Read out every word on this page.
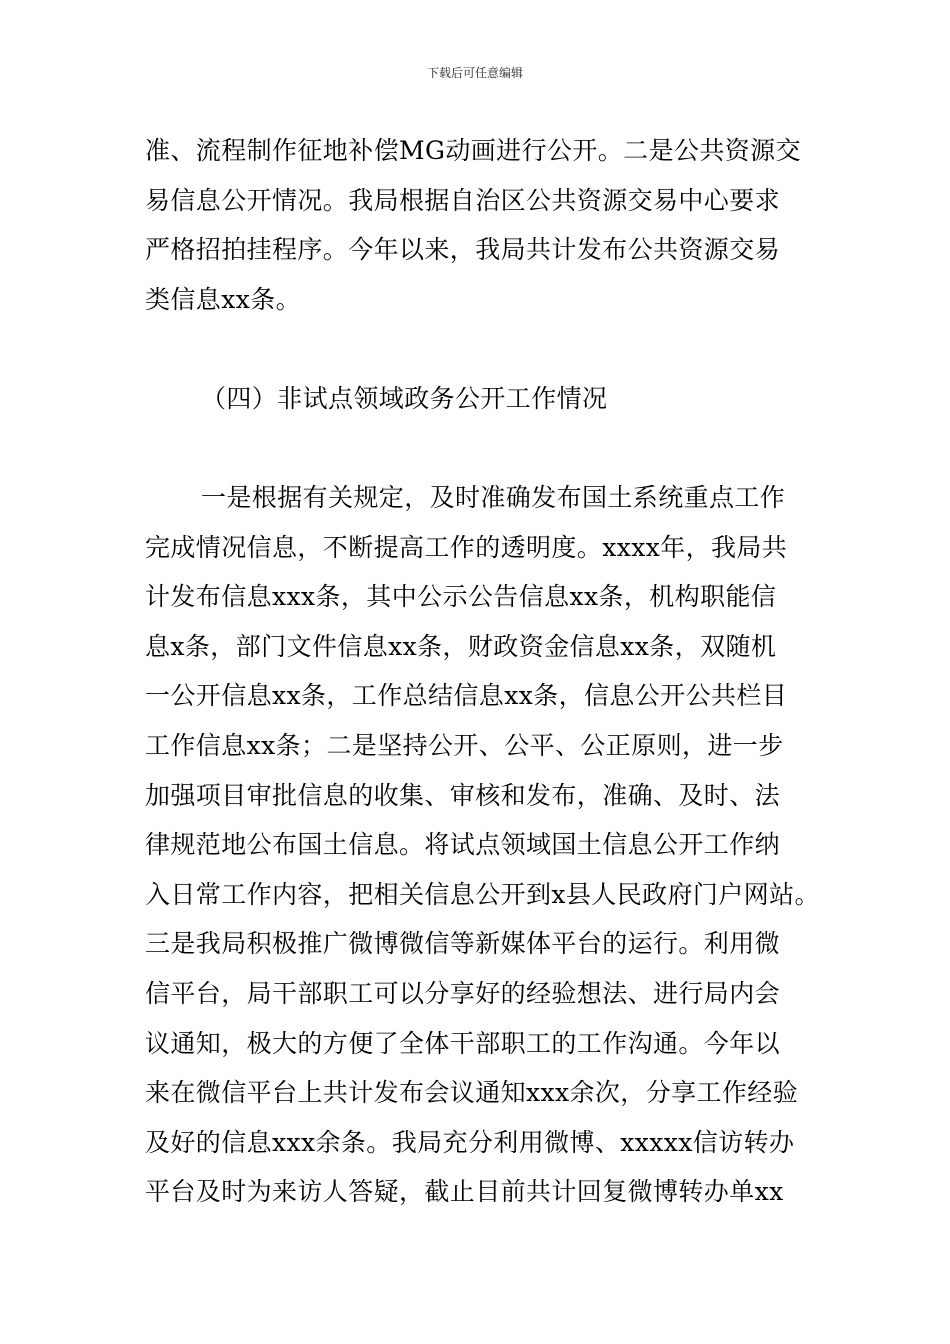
下载后可任意编辑

准、流程制作征地补偿MG动画进行公开。二是公共资源交

易信息公开情况。我局根据自治区公共资源交易中心要求

严格招拍挂程序。今年以来，我局共计发布公共资源交易

类信息xx条。

（四）非试点领域政务公开工作情况

一是根据有关规定，及时准确发布国土系统重点工作

完成情况信息，不断提高工作的透明度。xxxx年，我局共

计发布信息xxx条，其中公示公告信息xx条，机构职能信

息x条，部门文件信息xx条，财政资金信息xx条，双随机

一公开信息xx条，工作总结信息xx条，信息公开公共栏目

工作信息xx条；二是坚持公开、公平、公正原则，进一步

加强项目审批信息的收集、审核和发布，准确、及时、法

律规范地公布国土信息。将试点领域国土信息公开工作纳

入日常工作内容，把相关信息公开到x县人民政府门户网站。

三是我局积极推广微博微信等新媒体平台的运行。利用微

信平台，局干部职工可以分享好的经验想法、进行局内会

议通知，极大的方便了全体干部职工的工作沟通。今年以

来在微信平台上共计发布会议通知xxx余次，分享工作经验

及好的信息xxx余条。我局充分利用微博、xxxxx信访转办

平台及时为来访人答疑，截止目前共计回复微博转办单xx
